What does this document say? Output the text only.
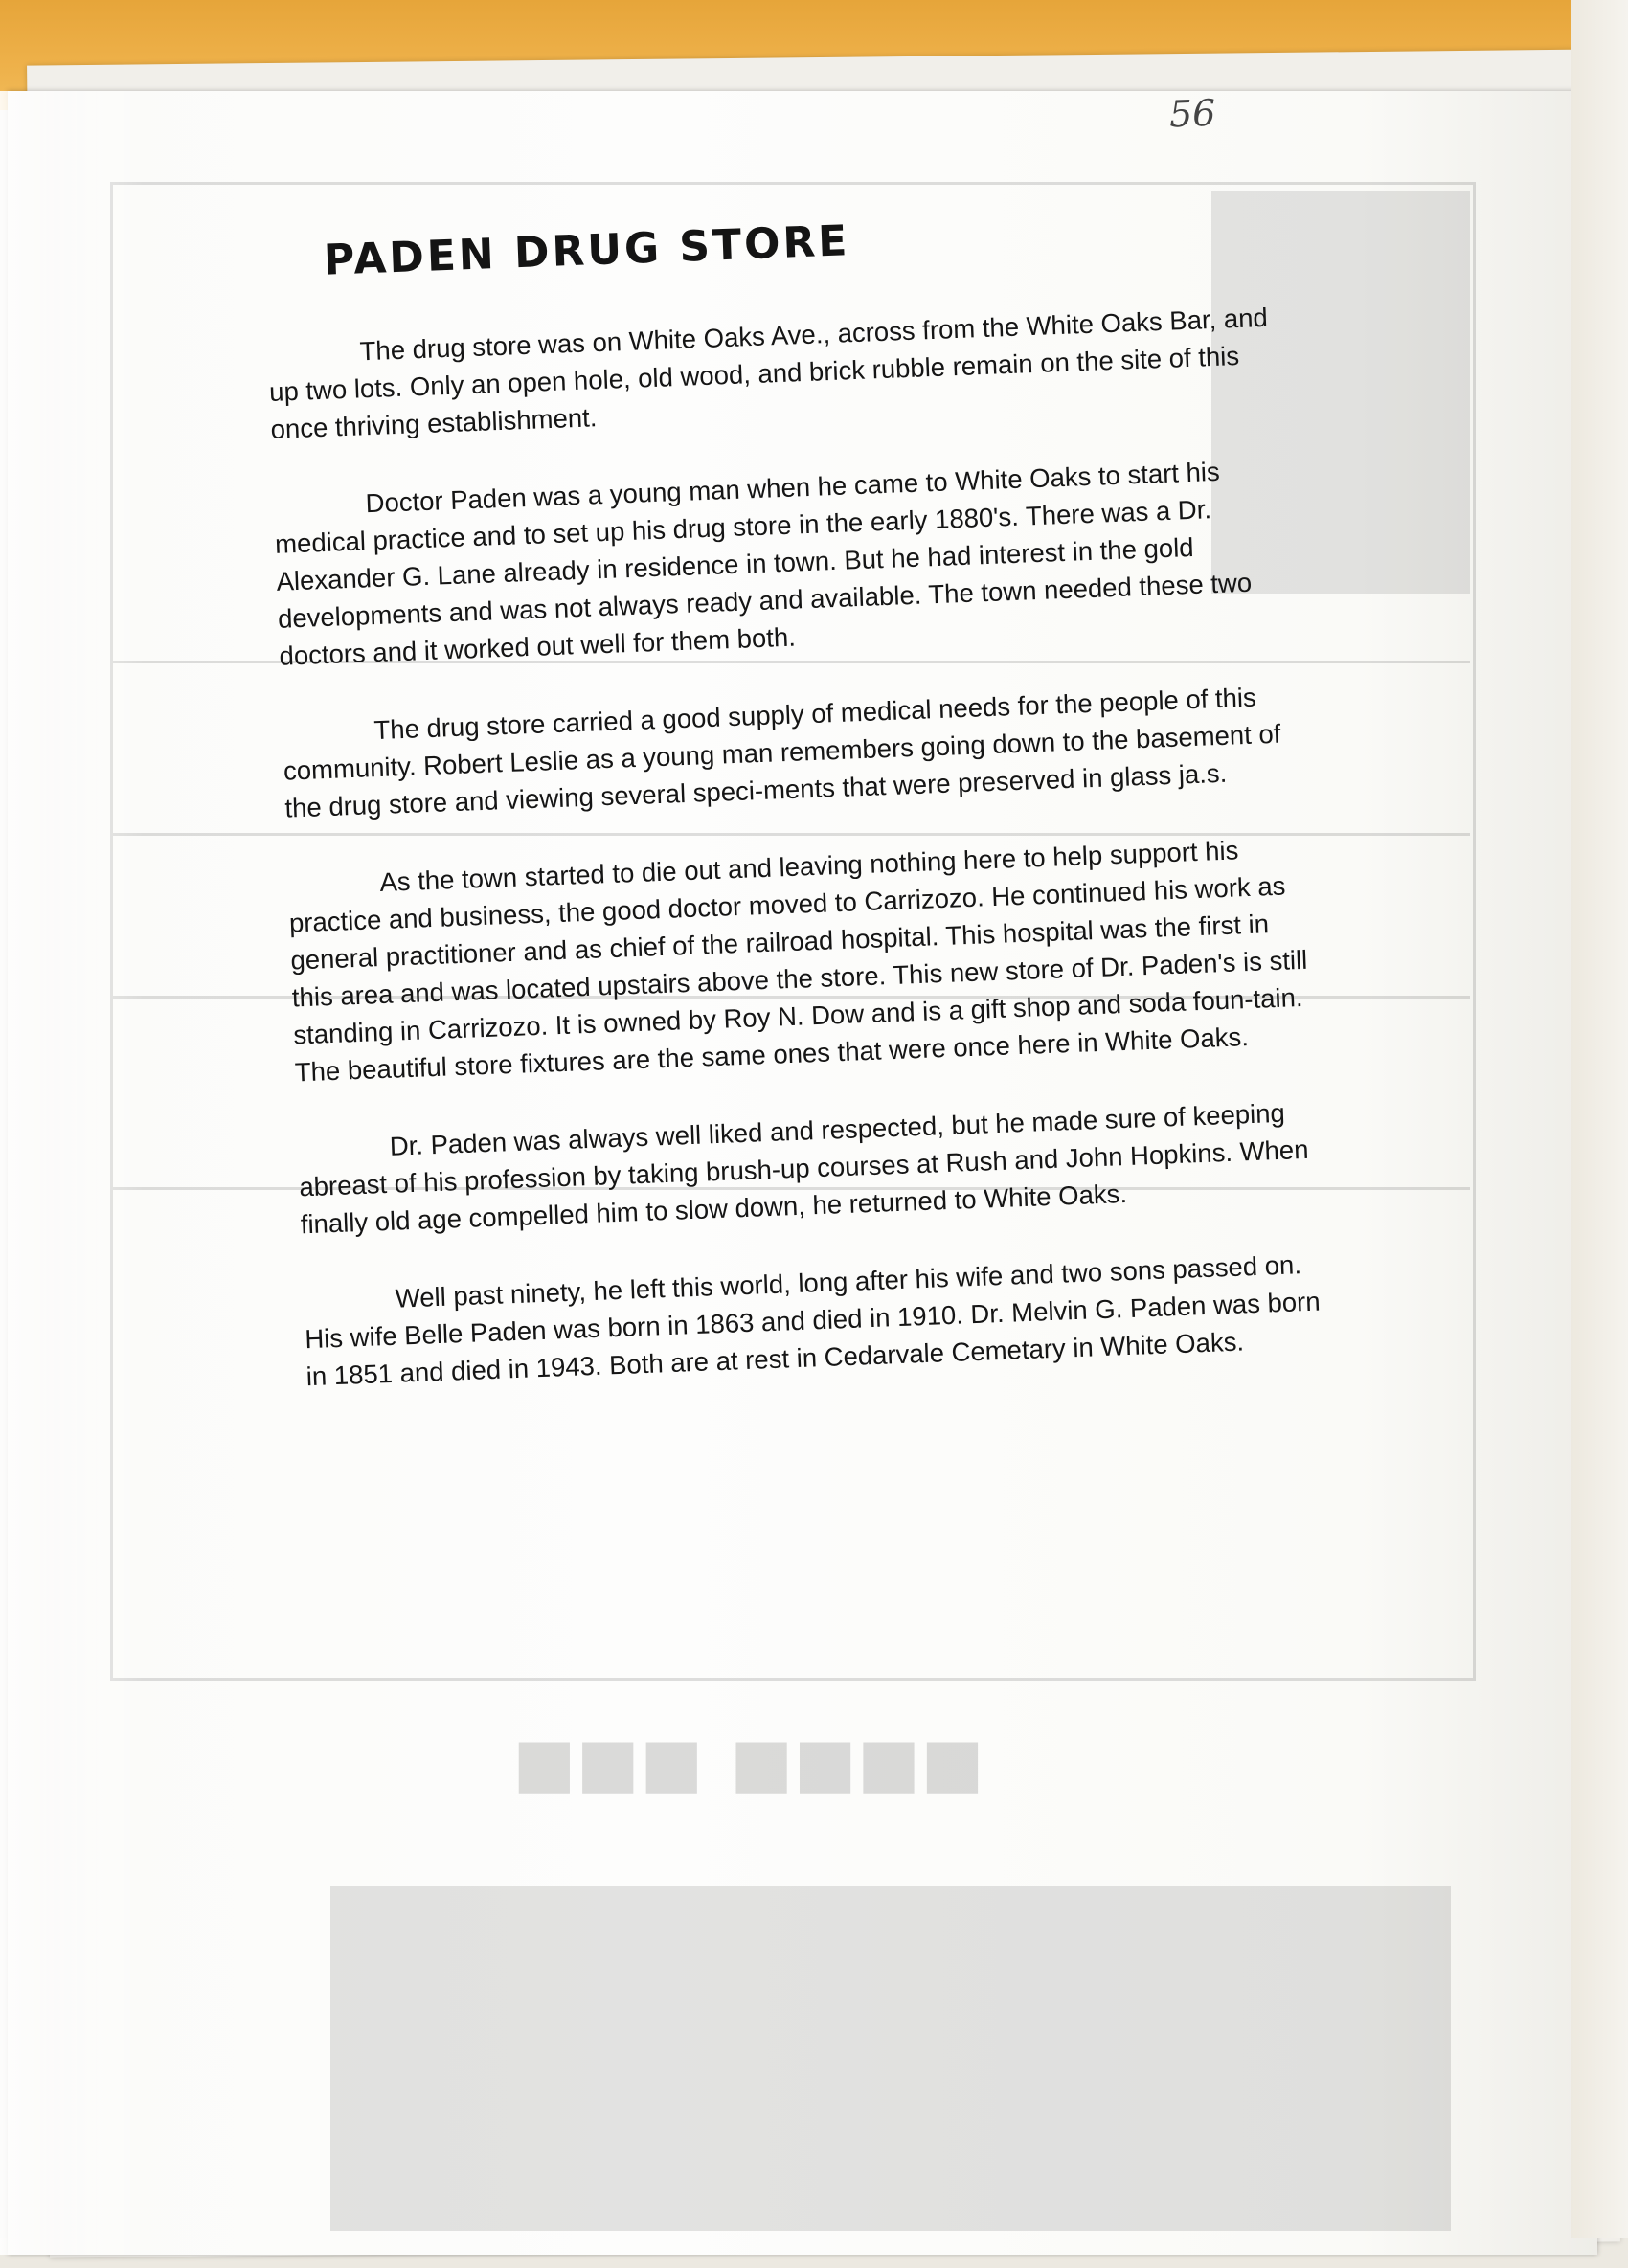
■■■■ ■■■
56
PADEN DRUG STORE

The drug store was on White Oaks Ave., across from the White Oaks Bar, and up two lots. Only an open hole, old wood, and brick rubble remain on the site of this once thriving establishment.

Doctor Paden was a young man when he came to White Oaks to start his medical practice and to set up his drug store in the early 1880's. There was a Dr. Alexander G. Lane already in residence in town. But he had interest in the gold developments and was not always ready and available. The town needed these two doctors and it worked out well for them both.

The drug store carried a good supply of medical needs for the people of this community. Robert Leslie as a young man remembers going down to the basement of the drug store and viewing several speci-ments that were preserved in glass ja.s.

As the town started to die out and leaving nothing here to help support his practice and business, the good doctor moved to Carrizozo. He continued his work as general practitioner and as chief of the railroad hospital. This hospital was the first in this area and was located upstairs above the store. This new store of Dr. Paden's is still standing in Carrizozo. It is owned by Roy N. Dow and is a gift shop and soda foun-tain. The beautiful store fixtures are the same ones that were once here in White Oaks.

Dr. Paden was always well liked and respected, but he made sure of keeping abreast of his profession by taking brush-up courses at Rush and John Hopkins. When finally old age compelled him to slow down, he returned to White Oaks.

Well past ninety, he left this world, long after his wife and two sons passed on. His wife Belle Paden was born in 1863 and died in 1910. Dr. Melvin G. Paden was born in 1851 and died in 1943. Both are at rest in Cedarvale Cemetary in White Oaks.
